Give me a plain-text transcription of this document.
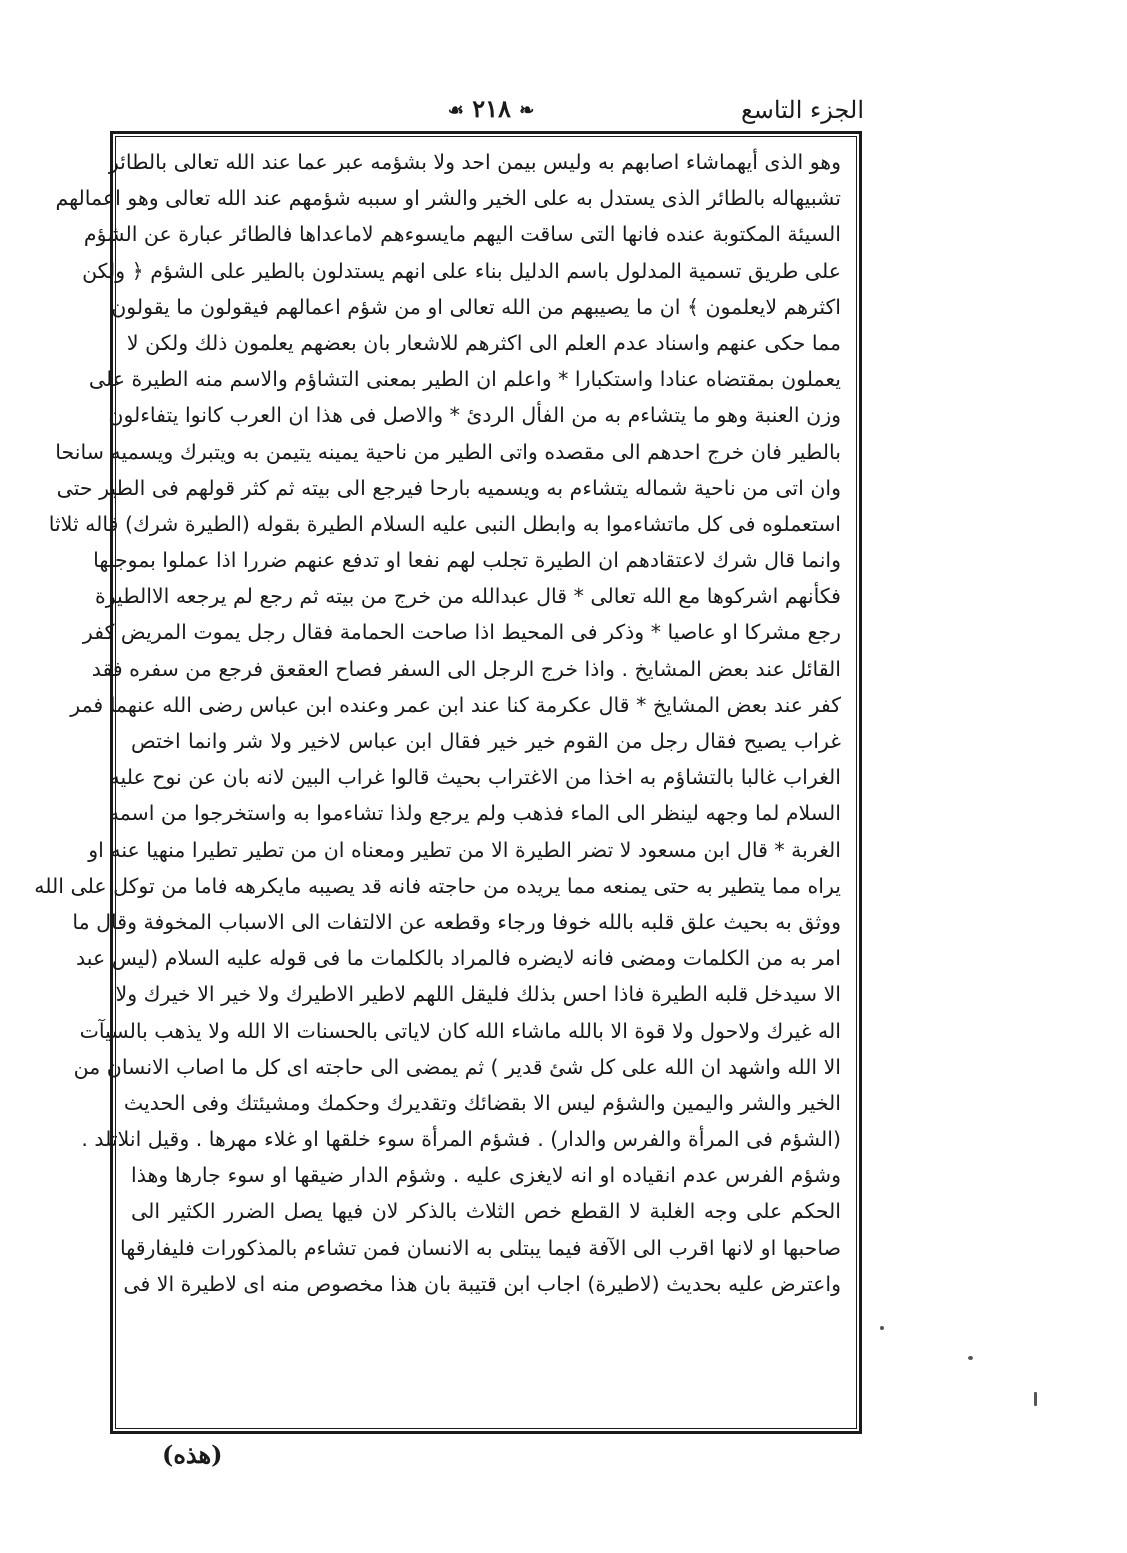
الجزء التاسع
❧ ٢١٨ ☙
وهو الذى أيهماشاء اصابهم به وليس بيمن احد ولا بشؤمه عبر عما عند الله تعالى بالطائر
تشبيهاله بالطائر الذى يستدل به على الخير والشر او سببه شؤمهم عند الله تعالى وهو اعمالهم
السيئة المكتوبة عنده فانها التى ساقت اليهم مايسوءهم لاماعداها فالطائر عبارة عن الشؤم
على طريق تسمية المدلول باسم الدليل بناء على انهم يستدلون بالطير على الشؤم ﴿ ولكن
اكثرهم لايعلمون ﴾ ان ما يصيبهم من الله تعالى او من شؤم اعمالهم فيقولون ما يقولون
مما حكى عنهم واسناد عدم العلم الى اكثرهم للاشعار بان بعضهم يعلمون ذلك ولكن لا
يعملون بمقتضاه عنادا واستكبارا * واعلم ان الطير بمعنى التشاؤم والاسم منه الطيرة على
وزن العنبة وهو ما يتشاءم به من الفأل الردئ * والاصل فى هذا ان العرب كانوا يتفاءلون
بالطير فان خرج احدهم الى مقصده واتى الطير من ناحية يمينه يتيمن به ويتبرك ويسميه سانحا
وان اتى من ناحية شماله يتشاءم به ويسميه بارحا فيرجع الى بيته ثم كثر قولهم فى الطير حتى
استعملوه فى كل ماتشاءموا به وابطل النبى عليه السلام الطيرة بقوله (الطيرة شرك) قاله ثلاثا
وانما قال شرك لاعتقادهم ان الطيرة تجلب لهم نفعا او تدفع عنهم ضررا اذا عملوا بموجبها
فكأنهم اشركوها مع الله تعالى * قال عبدالله من خرج من بيته ثم رجع لم يرجعه الاالطيرة
رجع مشركا او عاصيا * وذكر فى المحيط اذا صاحت الحمامة فقال رجل يموت المريض كفر
القائل عند بعض المشايخ . واذا خرج الرجل الى السفر فصاح العقعق فرجع من سفره فقد
كفر عند بعض المشايخ * قال عكرمة كنا عند ابن عمر وعنده ابن عباس رضى الله عنهما فمر
غراب يصيح فقال رجل من القوم خير خير فقال ابن عباس لاخير ولا شر وانما اختص
الغراب غالبا بالتشاؤم به اخذا من الاغتراب بحيث قالوا غراب البين لانه بان عن نوح عليه
السلام لما وجهه لينظر الى الماء فذهب ولم يرجع ولذا تشاءموا به واستخرجوا من اسمه
الغربة * قال ابن مسعود لا تضر الطيرة الا من تطير ومعناه ان من تطير تطيرا منهيا عنه او
يراه مما يتطير به حتى يمنعه مما يريده من حاجته فانه قد يصيبه مايكرهه فاما من توكل على الله
ووثق به بحيث علق قلبه بالله خوفا ورجاء وقطعه عن الالتفات الى الاسباب المخوفة وقال ما
امر به من الكلمات ومضى فانه لايضره فالمراد بالكلمات ما فى قوله عليه السلام (ليس عبد
الا سيدخل قلبه الطيرة فاذا احس بذلك فليقل اللهم لاطير الاطيرك ولا خير الا خيرك ولا
اله غيرك ولاحول ولا قوة الا بالله ماشاء الله كان لاياتى بالحسنات الا الله ولا يذهب بالسيآت
الا الله واشهد ان الله على كل شئ قدير ) ثم يمضى الى حاجته اى كل ما اصاب الانسان من
الخير والشر واليمين والشؤم ليس الا بقضائك وتقديرك وحكمك ومشيئتك وفى الحديث
(الشؤم فى المرأة والفرس والدار) . فشؤم المرأة سوء خلقها او غلاء مهرها . وقيل انلاتلد .
وشؤم الفرس عدم انقياده او انه لايغزى عليه . وشؤم الدار ضيقها او سوء جارها وهذا
الحكم على وجه الغلبة لا القطع خص الثلاث بالذكر لان فيها يصل الضرر الكثير الى
صاحبها او لانها اقرب الى الآفة فيما يبتلى به الانسان فمن تشاءم بالمذكورات فليفارقها
واعترض عليه بحديث (لاطيرة) اجاب ابن قتيبة بان هذا مخصوص منه اى لاطيرة الا فى
(هذه)
